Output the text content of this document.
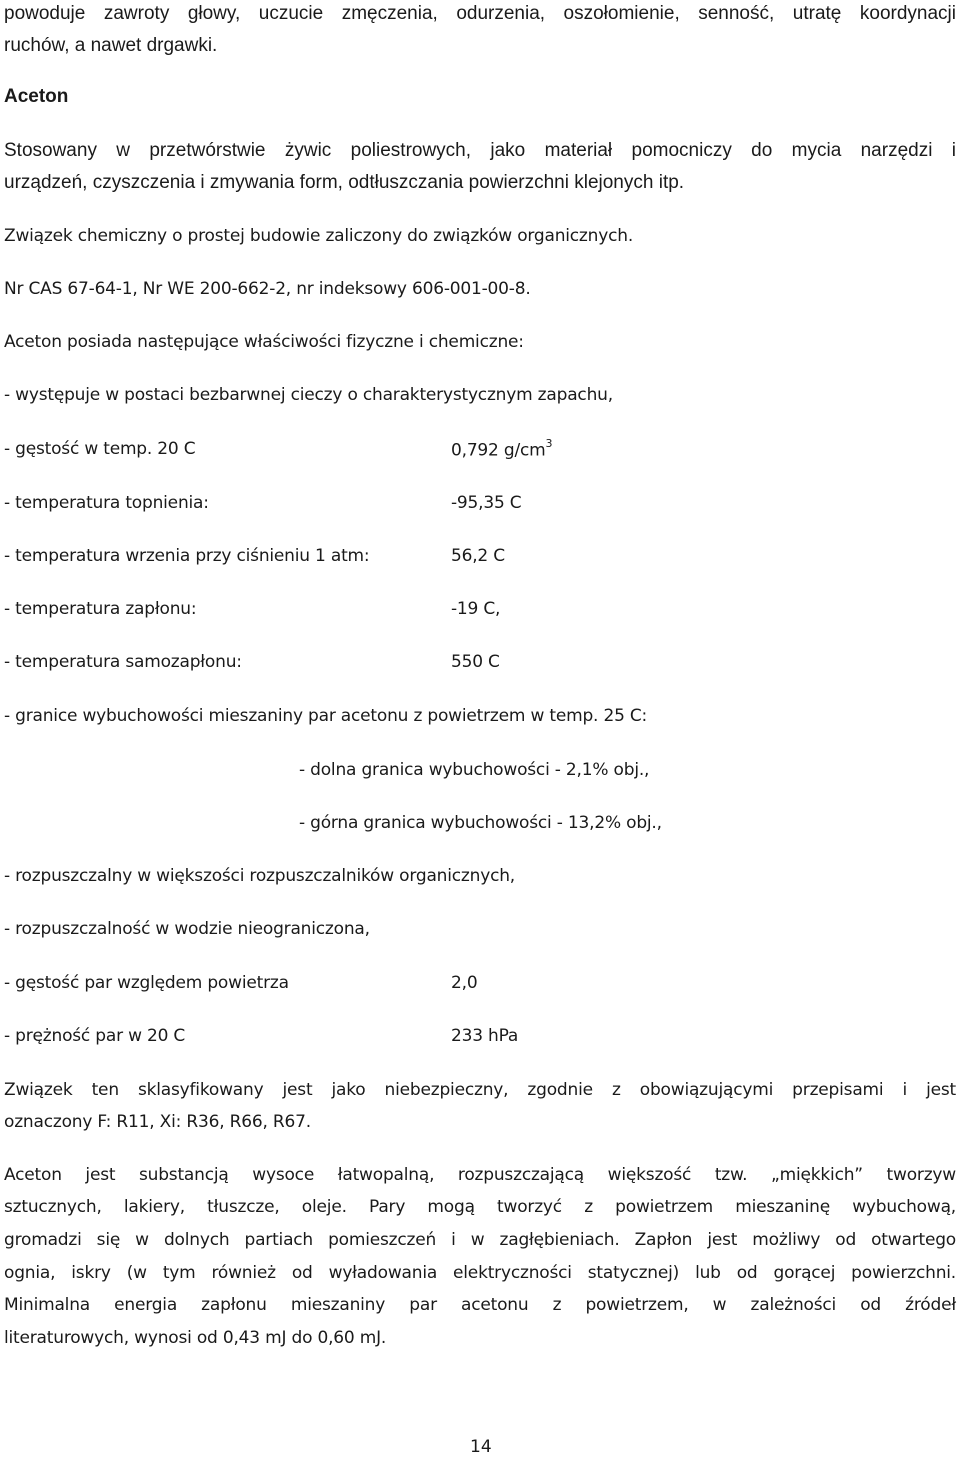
powoduje zawroty głowy, uczucie zmęczenia, odurzenia, oszołomienie, senność, utratę koordynacji
ruchów, a nawet drgawki.
Aceton
Stosowany w przetwórstwie żywic poliestrowych, jako materiał pomocniczy do mycia narzędzi i
urządzeń, czyszczenia i zmywania form, odtłuszczania powierzchni klejonych itp.
Związek chemiczny o prostej budowie zaliczony do związków organicznych.
Nr CAS 67-64-1, Nr WE 200-662-2, nr indeksowy 606-001-00-8.
Aceton posiada następujące właściwości fizyczne i chemiczne:
- występuje w postaci bezbarwnej cieczy o charakterystycznym zapachu,
- gęstość w temp. 20 C	0,792 $g/cm^3$
- temperatura topnienia:	-95,35 C
- temperatura wrzenia przy ciśnieniu 1 atm:	56,2 C
- temperatura zapłonu:	-19 C,
- temperatura samozapłonu:	550 C
- granice wybuchowości mieszaniny par acetonu z powietrzem w temp. 25 C:
- dolna granica wybuchowości - 2,1% obj.,
- górna granica wybuchowości - 13,2% obj.,
- rozpuszczalny w większości rozpuszczalników organicznych,
- rozpuszczalność w wodzie nieograniczona,
- gęstość par względem powietrza	2,0
- prężność par w 20 C	233 hPa
Związek ten sklasyfikowany jest jako niebezpieczny, zgodnie z obowiązującymi przepisami i jest
oznaczony F: R11, Xi: R36, R66, R67.
Aceton jest substancją wysoce łatwopalną, rozpuszczającą większość tzw. „miękkich” tworzyw
sztucznych, lakiery, tłuszcze, oleje. Pary mogą tworzyć z powietrzem mieszaninę wybuchową,
gromadzi się w dolnych partiach pomieszczeń i w zagłębieniach. Zapłon jest możliwy od otwartego
ognia, iskry (w tym również od wyładowania elektryczności statycznej) lub od gorącej powierzchni.
Minimalna energia zapłonu mieszaniny par acetonu z powietrzem, w zależności od źródeł
literaturowych, wynosi od 0,43 mJ do 0,60 mJ.
14
